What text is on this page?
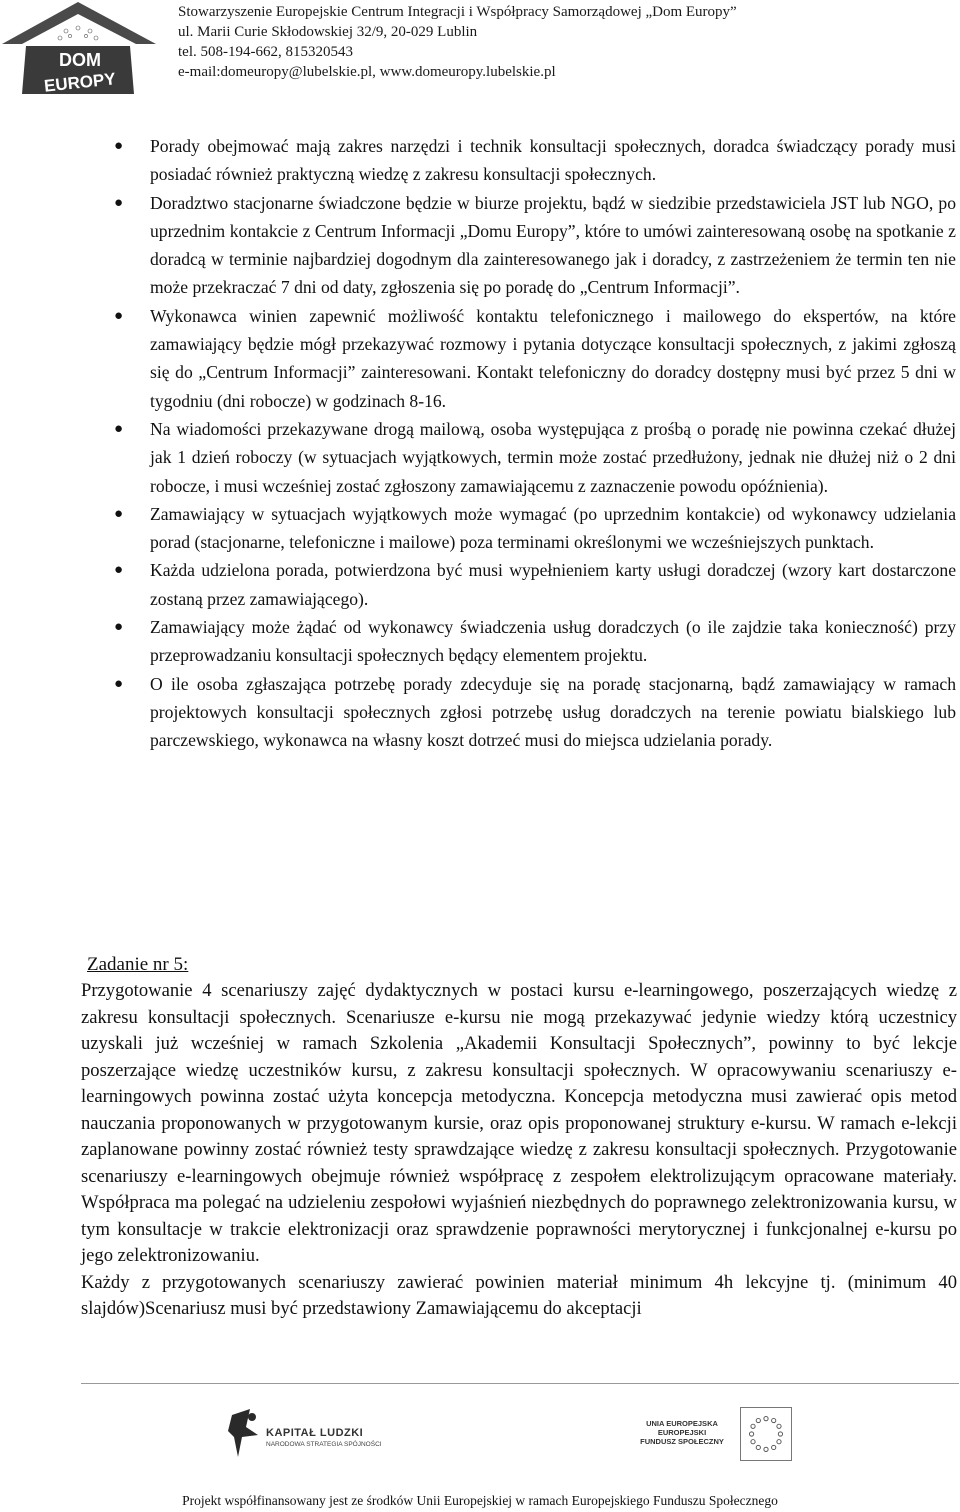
DOM
EUROPY
Stowarzyszenie Europejskie Centrum Integracji i Współpracy Samorządowej „Dom Europy”
ul. Marii Curie Skłodowskiej 32/9, 20-029 Lublin
tel. 508-194-662, 815320543
e-mail:domeuropy@lubelskie.pl, www.domeuropy.lubelskie.pl
● Porady obejmować mają zakres narzędzi i technik konsultacji społecznych, doradca świadczący porady musi posiadać również praktyczną wiedzę z zakresu konsultacji społecznych.
● Doradztwo stacjonarne świadczone będzie w biurze projektu, bądź w siedzibie przedstawiciela JST lub NGO, po uprzednim kontakcie z Centrum Informacji „Domu Europy”, które to umówi zainteresowaną osobę na spotkanie z doradcą w terminie najbardziej dogodnym dla zainteresowanego jak i doradcy, z zastrzeżeniem że termin ten nie może przekraczać 7 dni od daty, zgłoszenia się po poradę do „Centrum Informacji”.
● Wykonawca winien zapewnić możliwość kontaktu telefonicznego i mailowego do ekspertów, na które zamawiający będzie mógł przekazywać rozmowy i pytania dotyczące konsultacji społecznych, z jakimi zgłoszą się do „Centrum Informacji” zainteresowani. Kontakt telefoniczny do doradcy dostępny musi być przez 5 dni w tygodniu (dni robocze) w godzinach 8-16.
● Na wiadomości przekazywane drogą mailową, osoba występująca z prośbą o poradę nie powinna czekać dłużej jak 1 dzień roboczy (w sytuacjach wyjątkowych, termin może zostać przedłużony, jednak nie dłużej niż o 2 dni robocze, i musi wcześniej zostać zgłoszony zamawiającemu z zaznaczenie powodu opóźnienia).
● Zamawiający w sytuacjach wyjątkowych może wymagać (po uprzednim kontakcie) od wykonawcy udzielania porad (stacjonarne, telefoniczne i mailowe) poza terminami określonymi we wcześniejszych punktach.
● Każda udzielona porada, potwierdzona być musi wypełnieniem karty usługi doradczej (wzory kart dostarczone zostaną przez zamawiającego).
● Zamawiający może żądać od wykonawcy świadczenia usług doradczych (o ile zajdzie taka konieczność) przy przeprowadzaniu konsultacji społecznych będący elementem projektu.
● O ile osoba zgłaszająca potrzebę porady zdecyduje się na poradę stacjonarną, bądź zamawiający w ramach projektowych konsultacji społecznych zgłosi potrzebę usług doradczych na terenie powiatu bialskiego lub parczewskiego, wykonawca na własny koszt dotrzeć musi do miejsca udzielania porady.
Zadanie nr 5:

Przygotowanie 4 scenariuszy zajęć dydaktycznych w postaci kursu e-learningowego, poszerzających wiedzę z zakresu konsultacji społecznych. Scenariusze e-kursu nie mogą przekazywać jedynie wiedzy którą uczestnicy uzyskali już wcześniej w ramach Szkolenia „Akademii Konsultacji Społecznych”, powinny to być lekcje poszerzające wiedzę uczestników kursu, z zakresu konsultacji społecznych. W opracowywaniu scenariuszy e-learningowych powinna zostać użyta koncepcja metodyczna. Koncepcja metodyczna musi zawierać opis metod nauczania proponowanych w przygotowanym kursie, oraz opis proponowanej struktury e-kursu. W ramach e-lekcji zaplanowane powinny zostać również testy sprawdzające wiedzę z zakresu konsultacji społecznych. Przygotowanie scenariuszy e-learningowych obejmuje również współpracę z zespołem elektrolizującym opracowane materiały. Współpraca ma polegać na udzieleniu zespołowi wyjaśnień niezbędnych do poprawnego zelektronizowania kursu, w tym konsultacje w trakcie elektronizacji oraz sprawdzenie poprawności merytorycznej i funkcjonalnej e-kursu po jego zelektronizowaniu.

Każdy z przygotowanych scenariuszy zawierać powinien materiał minimum 4h lekcyjne tj. (minimum 40 slajdów)Scenariusz musi być przedstawiony Zamawiającemu do akceptacji

KAPITAŁ LUDZKI
NARODOWA STRATEGIA SPÓJNOŚCI
UNIA EUROPEJSKA
EUROPEJSKI
FUNDUSZ SPOŁECZNY
Projekt współfinansowany jest ze środków Unii Europejskiej w ramach Europejskiego Funduszu Społecznego
